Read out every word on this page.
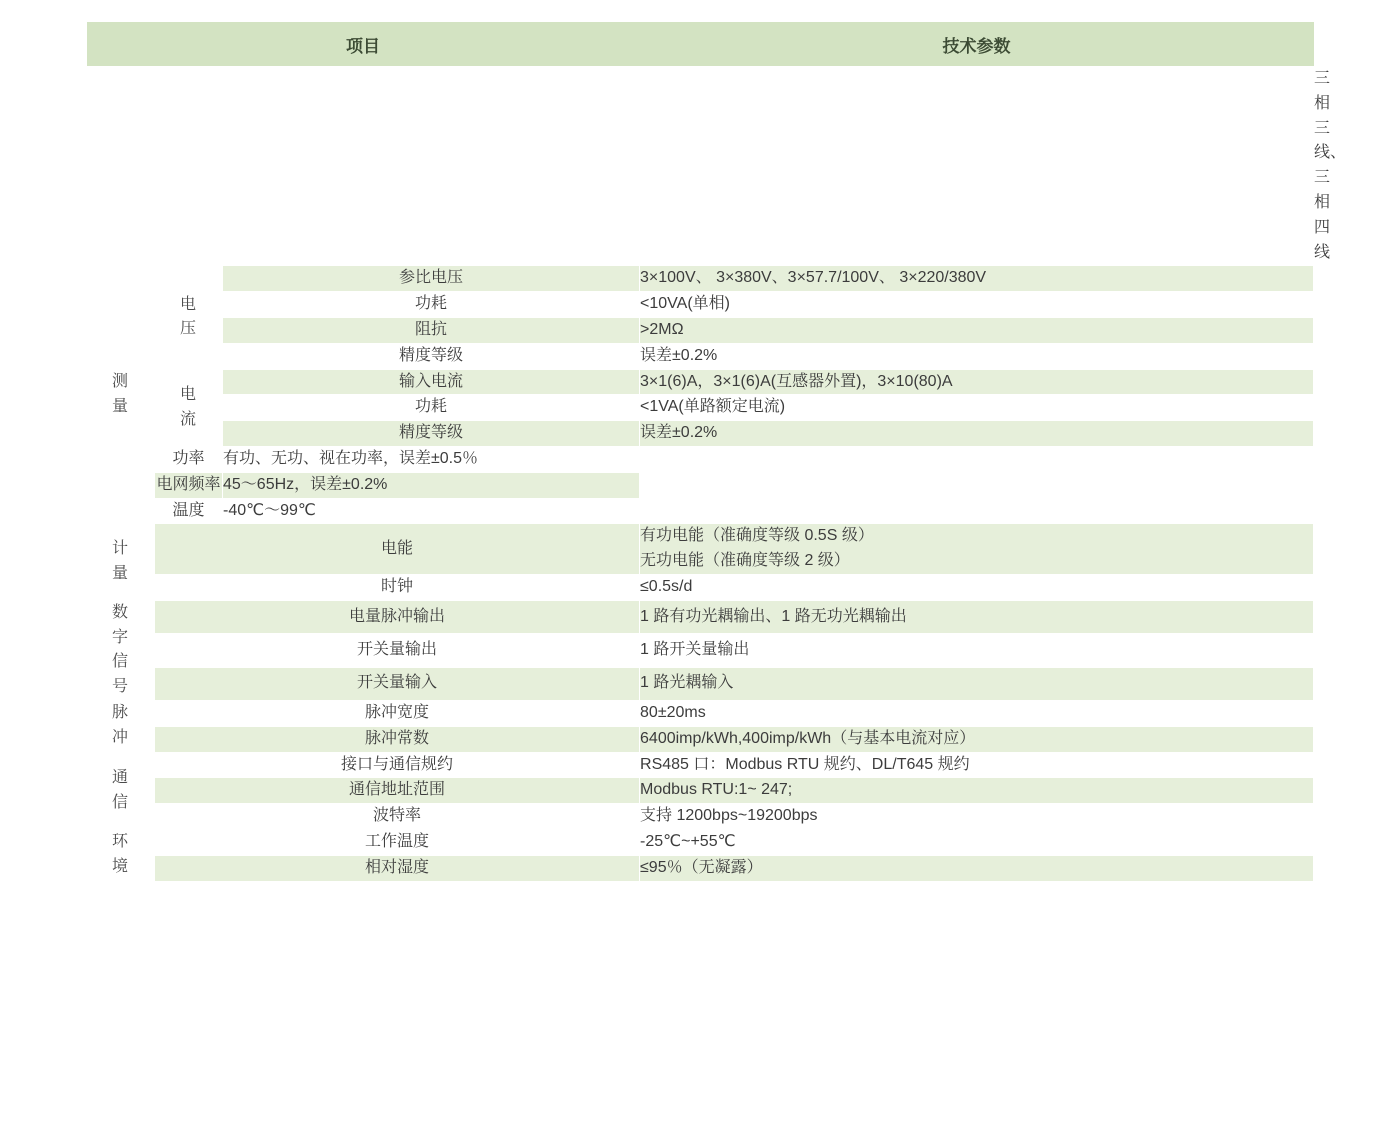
项目			技术参数	

				三相三线、三相四线

测量	电压	参比电压	3×100V、 3×380V、3×57.7/100V、 3×220/380V	

		功耗	<10VA(单相)	

		阻抗	>2MΩ	

		精度等级	误差±0.2%	

	电流	输入电流	3×1(6)A，3×1(6)A(互感器外置)，3×10(80)A	

		功耗	<1VA(单路额定电流)	

		精度等级	误差±0.2%	

	功率	有功、无功、视在功率，误差±0.5％		

	电网频率	45～65Hz，误差±0.2%		

	温度	-40℃～99℃		

计量	电能		有功电能（准确度等级 0.5S 级）
无功电能（准确度等级 2 级）	

	时钟		≤0.5s/d	

数字信号	电量脉冲输出		1 路有功光耦输出、1 路无功光耦输出	

	开关量输出		1 路开关量输出	

	开关量输入		1 路光耦输入	

脉冲	脉冲宽度		80±20ms	

	脉冲常数		6400imp/kWh,400imp/kWh（与基本电流对应）	

通信	接口与通信规约		RS485 口：Modbus RTU 规约、DL/T645 规约	

	通信地址范围		Modbus RTU:1~ 247;	

	波特率		支持 1200bps~19200bps	

环境	工作温度		-25℃~+55℃	

	相对湿度		≤95％（无凝露）	
